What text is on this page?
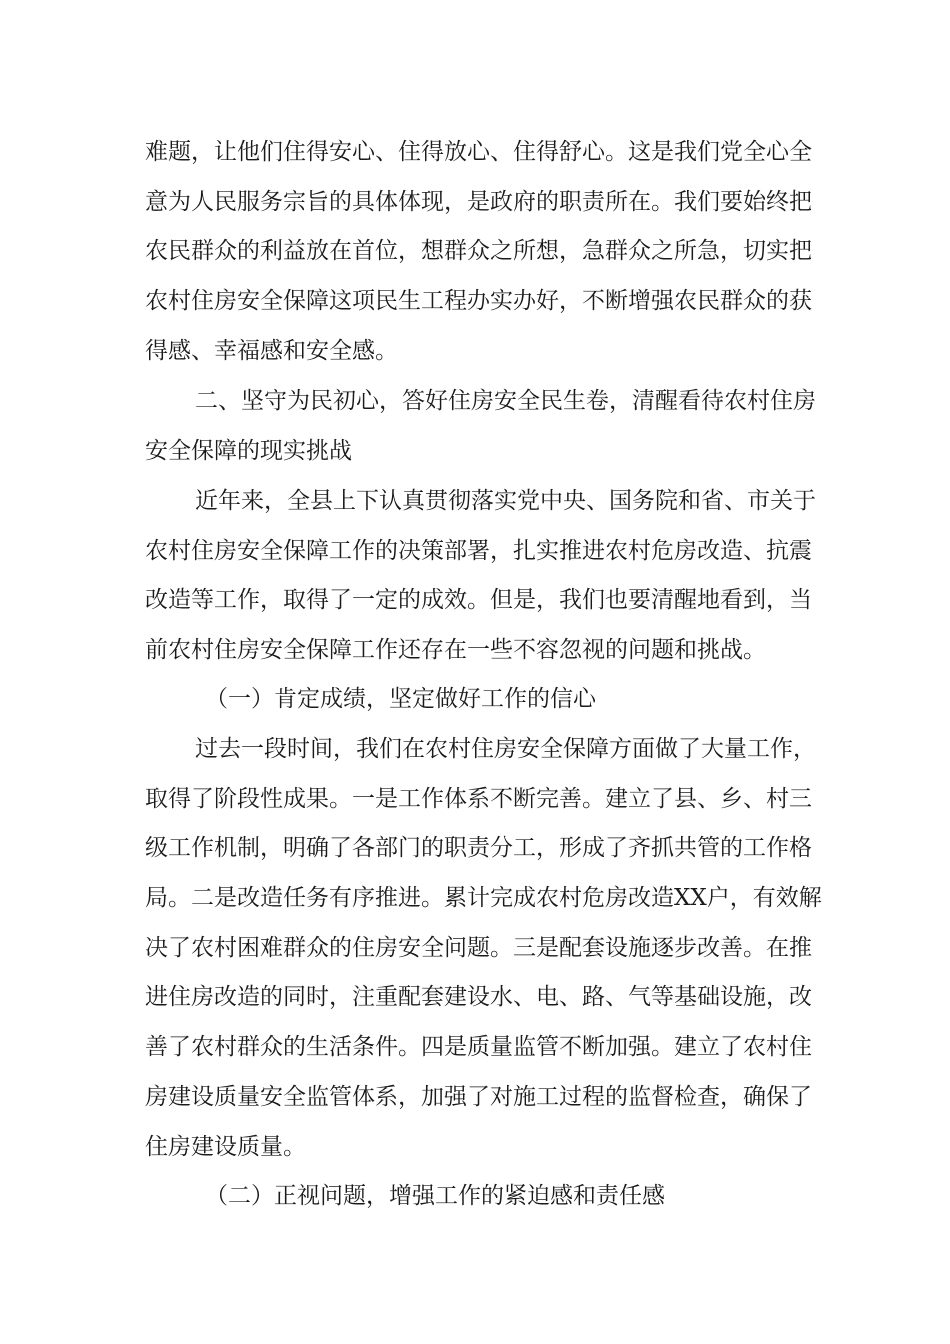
难题，让他们住得安心、住得放心、住得舒心。这是我们党全心全
意为人民服务宗旨的具体体现，是政府的职责所在。我们要始终把
农民群众的利益放在首位，想群众之所想，急群众之所急，切实把
农村住房安全保障这项民生工程办实办好，不断增强农民群众的获
得感、幸福感和安全感。
二、坚守为民初心，答好住房安全民生卷，清醒看待农村住房
安全保障的现实挑战
近年来，全县上下认真贯彻落实党中央、国务院和省、市关于
农村住房安全保障工作的决策部署，扎实推进农村危房改造、抗震
改造等工作，取得了一定的成效。但是，我们也要清醒地看到，当
前农村住房安全保障工作还存在一些不容忽视的问题和挑战。
（一）肯定成绩，坚定做好工作的信心
过去一段时间，我们在农村住房安全保障方面做了大量工作，
取得了阶段性成果。一是工作体系不断完善。建立了县、乡、村三
级工作机制，明确了各部门的职责分工，形成了齐抓共管的工作格
局。二是改造任务有序推进。累计完成农村危房改造XX户，有效解
决了农村困难群众的住房安全问题。三是配套设施逐步改善。在推
进住房改造的同时，注重配套建设水、电、路、气等基础设施，改
善了农村群众的生活条件。四是质量监管不断加强。建立了农村住
房建设质量安全监管体系，加强了对施工过程的监督检查，确保了
住房建设质量。
（二）正视问题，增强工作的紧迫感和责任感
